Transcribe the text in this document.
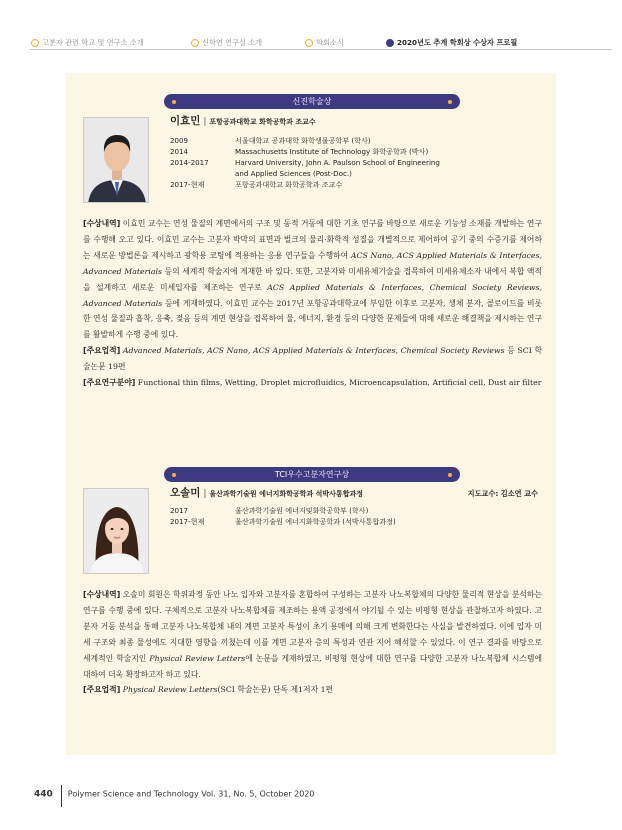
고분자 관련 학교 및 연구소 소개	신학연 연구실 소개	학회소식	2020년도 추계 학회상 수상자 프로필
신진학술상
이효민 | 포항공과대학교 화학공학과 조교수
2009	서울대학교 공과대학 화학생물공학부 (학사)
2014	Massachusetts Institute of Technology 화학공학과 (박사)
2014-2017	Harvard University, John A. Paulson School of Engineering
and Applied Sciences (Post-Doc.)
2017-현재	포항공과대학교 화학공학과 조교수

[수상내역] 이효민 교수는 연성 물질의 계면에서의 구조 및 동적 거동에 대한 기초 연구를 바탕으로 새로운 기능성 소재를 개발하는 연구를 수행해 오고 있다. 이효민 교수는 고분자 박막의 표면과 벌크의 물리·화학적 성질을 개별적으로 제어하여 공기 중의 수증기를 제어하는 새로운 방법론을 제시하고 광학용 코팅에 적용하는 응용 연구들을 수행하여 ACS Nano, ACS Applied Materials & Interfaces, Advanced Materials 등의 세계적 학술지에 게재한 바 있다. 또한, 고분자와 미세유체기술을 접목하여 미세유체소자 내에서 복합 액적을 설계하고 새로운 미세입자를 제조하는 연구로 ACS Applied Materials & Interfaces, Chemical Society Reviews, Advanced Materials 등에 게재하였다. 이효민 교수는 2017년 포항공과대학교에 부임한 이후로 고분자, 생체 분자, 콜로이드를 비롯한 연성 물질과 흡착, 응축, 젖음 등의 계면 현상을 접목하여 물, 에너지, 환경 등의 다양한 문제들에 대해 새로운 해결책을 제시하는 연구를 활발하게 수행 중에 있다.

[주요업적] Advanced Materials, ACS Nano, ACS Applied Materials & Interfaces, Chemical Society Reviews 등 SCI 학술논문 19편

[주요연구분야] Functional thin films, Wetting, Droplet microfluidics, Microencapsulation, Artificial cell, Dust air filter

TCI우수고분자연구상
오솔미 | 울산과학기술원 에너지화학공학과 석박사통합과정	지도교수: 김소연 교수
2017	울산과학기술원 에너지및화학공학부 (학사)
2017-현재	울산과학기술원 에너지화학공학과 (석박사통합과정)

[수상내역] 오솔미 회원은 학위과정 동안 나노 입자와 고분자를 혼합하여 구성하는 고분자 나노복합체의 다양한 물리적 현상을 분석하는 연구를 수행 중에 있다. 구체적으로 고분자 나노복합체를 제조하는 용액 공정에서 야기될 수 있는 비평형 현상을 관찰하고자 하였다. 고분자 거동 분석을 통해 고분자 나노복합체 내의 계면 고분자 특성이 초기 용매에 의해 크게 변화한다는 사실을 발견하였다. 이에 입자 미세 구조와 최종 물성에도 지대한 영향을 끼쳤는데 이를 계면 고분자 층의 특성과 연관 지어 해석할 수 있었다. 이 연구 결과를 바탕으로 세계적인 학술지인 Physical Review Letters에 논문을 게재하였고, 비평형 현상에 대한 연구를 다양한 고분자 나노복합체 시스템에 대하여 더욱 확장하고자 하고 있다.

[주요업적] Physical Review Letters(SCI 학술논문) 단독 제1저자 1편

440 Polymer Science and Technology Vol. 31, No. 5, October 2020
